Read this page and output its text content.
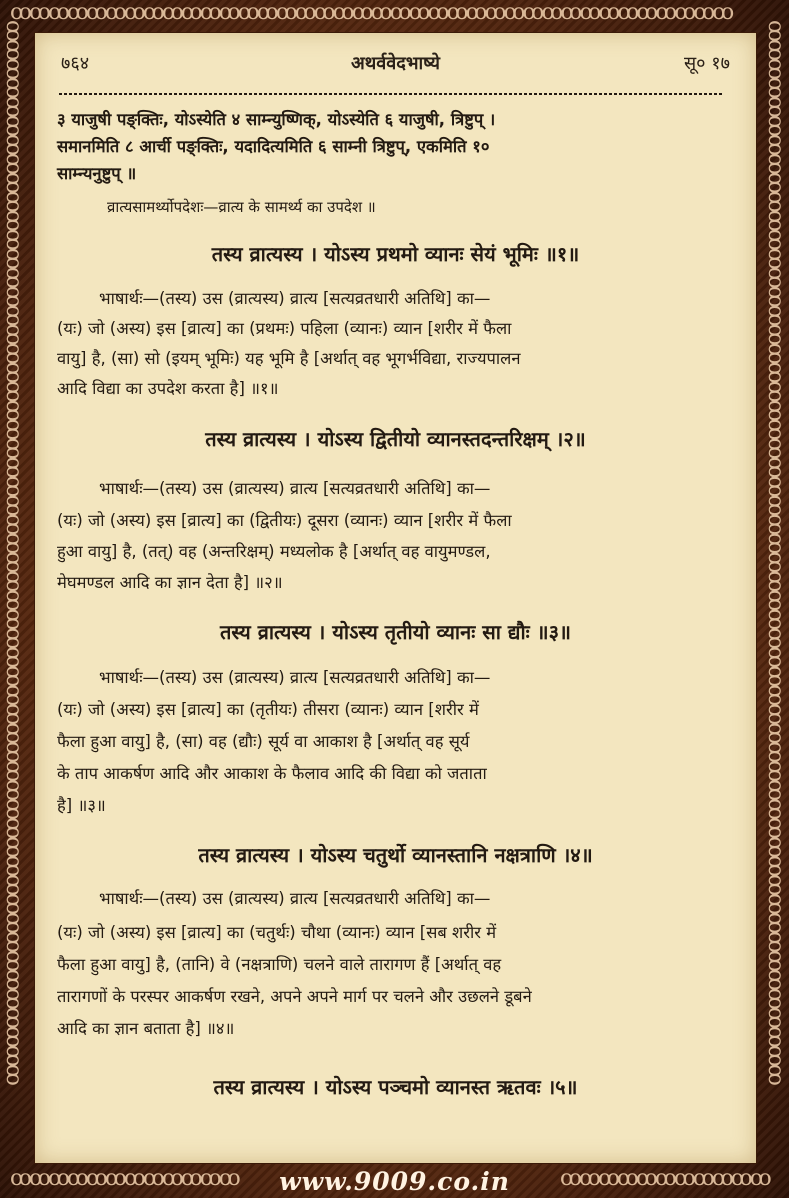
ꝏꝏꝏꝏꝏꝏꝏꝏꝏꝏꝏꝏꝏꝏꝏꝏꝏꝏꝏꝏꝏꝏꝏꝏꝏꝏꝏꝏꝏꝏꝏꝏꝏꝏꝏꝏꝏꝏ
ꝏꝏꝏꝏꝏꝏꝏꝏꝏꝏꝏꝏꝏꝏꝏꝏꝏꝏꝏꝏꝏꝏꝏꝏꝏꝏꝏꝏꝏꝏꝏꝏꝏꝏꝏꝏꝏꝏꝏꝏꝏꝏꝏꝏꝏꝏꝏꝏꝏꝏꝏꝏꝏꝏꝏꝏ	ꝏꝏꝏꝏꝏꝏꝏꝏꝏꝏꝏꝏꝏꝏꝏꝏꝏꝏꝏꝏꝏꝏꝏꝏꝏꝏꝏꝏꝏꝏꝏꝏꝏꝏꝏꝏꝏꝏꝏꝏꝏꝏꝏꝏꝏꝏꝏꝏꝏꝏꝏꝏꝏꝏꝏꝏ
ꝏꝏꝏꝏꝏꝏꝏꝏꝏꝏꝏꝏ	ꝏꝏꝏꝏꝏꝏꝏꝏꝏꝏꝏ
७६४	अथर्ववेदभाष्ये	सू० १७
३ याजुषी पङ्क्तिः, योऽस्येति ४ साम्न्युष्णिक्, योऽस्येति ६ याजुषी, त्रिष्टुप् ।
समानमिति ८ आर्ची पङ्क्तिः, यदादित्यमिति ६ साम्नी त्रिष्टुप्, एकमिति १०
साम्न्यनुष्टुप् ॥
व्रात्यसामर्थ्योपदेशः—व्रात्य के सामर्थ्य का उपदेश ॥
तस्य व्रात्यस्य । योऽस्य प्रथमो व्यानः सेयं भूमिः ॥१॥
भाषार्थः—(तस्य) उस (व्रात्यस्य) व्रात्य [सत्यव्रतधारी अतिथि] का—
(यः) जो (अस्य) इस [व्रात्य] का (प्रथमः) पहिला (व्यानः) व्यान [शरीर में फैला
वायु] है, (सा) सो (इयम् भूमिः) यह भूमि है [अर्थात् वह भूगर्भविद्या, राज्यपालन
आदि विद्या का उपदेश करता है] ॥१॥
तस्य व्रात्यस्य । योऽस्य द्वितीयो व्यानस्तदन्तरिक्षम् ।२॥
भाषार्थः—(तस्य) उस (व्रात्यस्य) व्रात्य [सत्यव्रतधारी अतिथि] का—
(यः) जो (अस्य) इस [व्रात्य] का (द्वितीयः) दूसरा (व्यानः) व्यान [शरीर में फैला
हुआ वायु] है, (तत्) वह (अन्तरिक्षम्) मध्यलोक है [अर्थात् वह वायुमण्डल,
मेघमण्डल आदि का ज्ञान देता है] ॥२॥
तस्य व्रात्यस्य । योऽस्य तृतीयो व्यानः सा द्यौः ॥३॥
भाषार्थः—(तस्य) उस (व्रात्यस्य) व्रात्य [सत्यव्रतधारी अतिथि] का—
(यः) जो (अस्य) इस [व्रात्य] का (तृतीयः) तीसरा (व्यानः) व्यान [शरीर में
फैला हुआ वायु] है, (सा) वह (द्यौः) सूर्य वा आकाश है [अर्थात् वह सूर्य
के ताप आकर्षण आदि और आकाश के फैलाव आदि की विद्या को जताता
है] ॥३॥
तस्य व्रात्यस्य । योऽस्य चतुर्थो व्यानस्तानि नक्षत्राणि ।४॥
भाषार्थः—(तस्य) उस (व्रात्यस्य) व्रात्य [सत्यव्रतधारी अतिथि] का—
(यः) जो (अस्य) इस [व्रात्य] का (चतुर्थः) चौथा (व्यानः) व्यान [सब शरीर में
फैला हुआ वायु] है, (तानि) वे (नक्षत्राणि) चलने वाले तारागण हैं [अर्थात् वह
तारागणों के परस्पर आकर्षण रखने, अपने अपने मार्ग पर चलने और उछलने डूबने
आदि का ज्ञान बताता है] ॥४॥
तस्य व्रात्यस्य । योऽस्य पञ्चमो व्यानस्त ऋतवः ।५॥
www.9009.co.in
